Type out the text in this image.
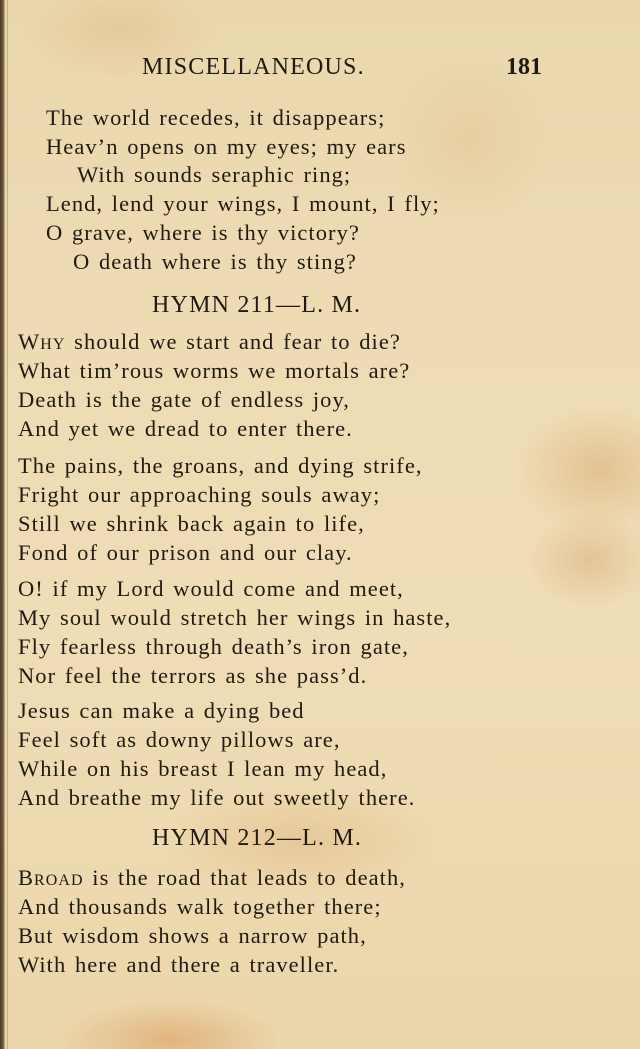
MISCELLANEOUS.	181
The world recedes, it disappears;
Heav’n opens on my eyes; my ears
With sounds seraphic ring;
Lend, lend your wings, I mount, I fly;
O grave, where is thy victory?
O death where is thy sting?
HYMN 211—L. M.
Why should we start and fear to die?
What tim’rous worms we mortals are?
Death is the gate of endless joy,
And yet we dread to enter there.
The pains, the groans, and dying strife,
Fright our approaching souls away;
Still we shrink back again to life,
Fond of our prison and our clay.
O! if my Lord would come and meet,
My soul would stretch her wings in haste,
Fly fearless through death’s iron gate,
Nor feel the terrors as she pass’d.
Jesus can make a dying bed
Feel soft as downy pillows are,
While on his breast I lean my head,
And breathe my life out sweetly there.
HYMN 212—L. M.
Broad is the road that leads to death,
And thousands walk together there;
But wisdom shows a narrow path,
With here and there a traveller.
